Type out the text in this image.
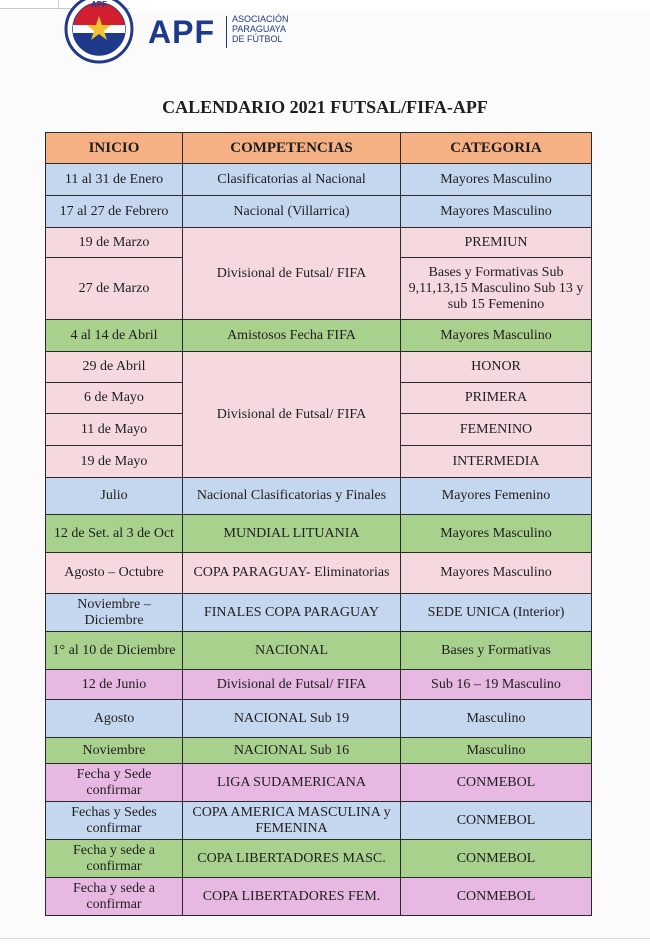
APF
APF ASOCIACIÓN
PARAGUAYA
DE FÚTBOL
CALENDARIO 2021 FUTSAL/FIFA-APF
INICIO	COMPETENCIAS	CATEGORIA
11 al 31 de Enero	Clasificatorias al Nacional	Mayores Masculino
17 al 27 de Febrero	Nacional (Villarrica)	Mayores Masculino
19 de Marzo	Divisional de Futsal/ FIFA	PREMIUN
27 de Marzo		Bases y Formativas Sub 9,11,13,15 Masculino Sub 13 y sub 15 Femenino
4 al 14 de Abril	Amistosos Fecha FIFA	Mayores Masculino
29 de Abril	Divisional de Futsal/ FIFA	HONOR
6 de Mayo		PRIMERA
11 de Mayo		FEMENINO
19 de Mayo		INTERMEDIA
Julio	Nacional Clasificatorias y Finales	Mayores Femenino
12 de Set. al 3 de Oct	MUNDIAL LITUANIA	Mayores Masculino
Agosto – Octubre	COPA PARAGUAY- Eliminatorias	Mayores Masculino
Noviembre – Diciembre	FINALES COPA PARAGUAY	SEDE UNICA (Interior)
1° al 10 de Diciembre	NACIONAL	Bases y Formativas
12 de Junio	Divisional de Futsal/ FIFA	Sub 16 – 19 Masculino
Agosto	NACIONAL Sub 19	Masculino
Noviembre	NACIONAL Sub 16	Masculino
Fecha y Sede confirmar	LIGA SUDAMERICANA	CONMEBOL
Fechas y Sedes confirmar	COPA AMERICA MASCULINA y FEMENINA	CONMEBOL
Fecha y sede a confirmar	COPA LIBERTADORES MASC.	CONMEBOL
Fecha y sede a confirmar	COPA LIBERTADORES FEM.	CONMEBOL
